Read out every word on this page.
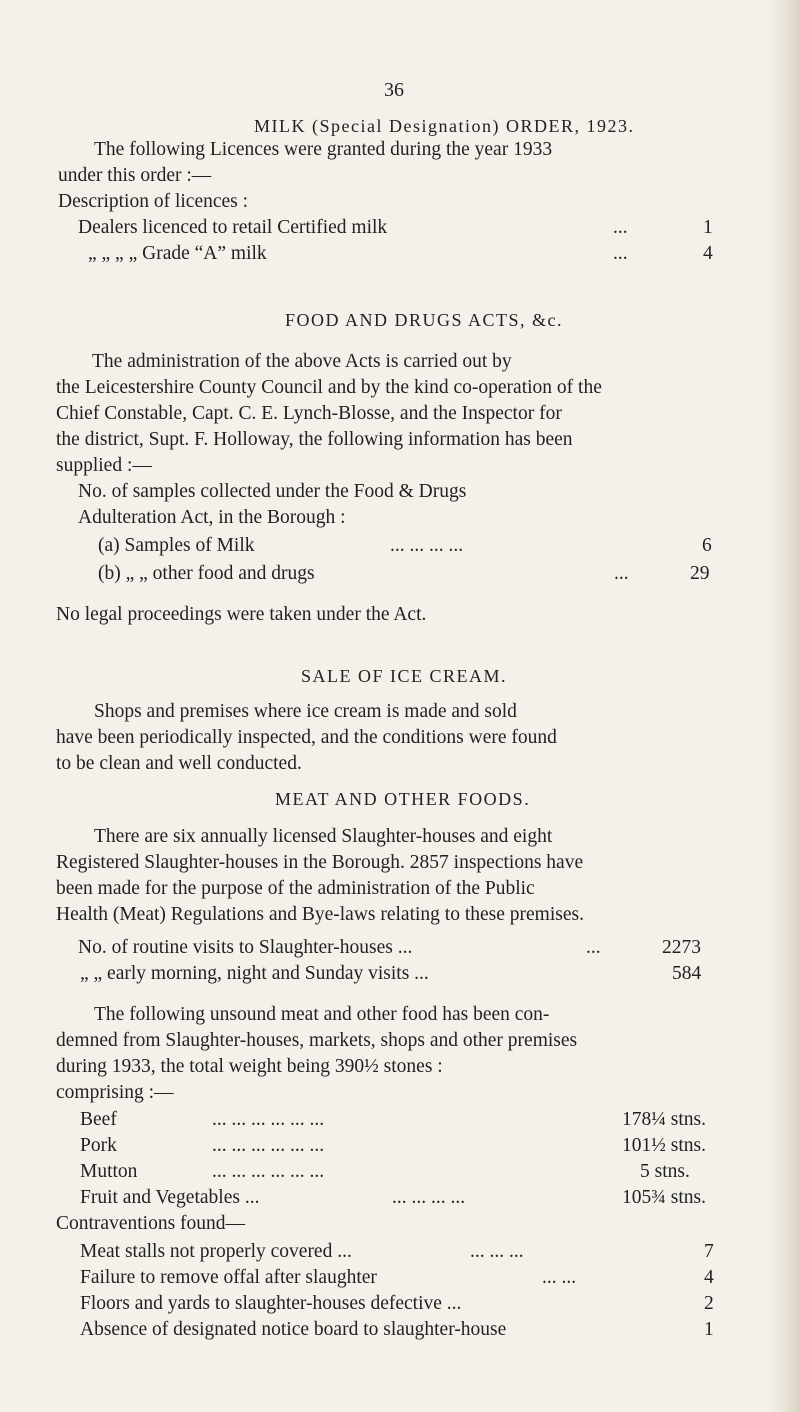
36
MILK (Special Designation) ORDER, 1923.
The following Licences were granted during the year 1933
under this order :—
Description of licences :
Dealers licenced to retail Certified milk	...	1
„ „ „ „ Grade “A” milk	...	4
FOOD AND DRUGS ACTS, &c.
The administration of the above Acts is carried out by
the Leicestershire County Council and by the kind co-operation of the
Chief Constable, Capt. C. E. Lynch-Blosse, and the Inspector for
the district, Supt. F. Holloway, the following information has been
supplied :—
No. of samples collected under the Food & Drugs
Adulteration Act, in the Borough :
(a) Samples of Milk	... ... ... ...	6
(b) „ „ other food and drugs	...	29
No legal proceedings were taken under the Act.
SALE OF ICE CREAM.
Shops and premises where ice cream is made and sold
have been periodically inspected, and the conditions were found
to be clean and well conducted.
MEAT AND OTHER FOODS.
There are six annually licensed Slaughter-houses and eight
Registered Slaughter-houses in the Borough. 2857 inspections have
been made for the purpose of the administration of the Public
Health (Meat) Regulations and Bye-laws relating to these premises.
No. of routine visits to Slaughter-houses ...	...	2273
„ „ early morning, night and Sunday visits ...	584
The following unsound meat and other food has been con-
demned from Slaughter-houses, markets, shops and other premises
during 1933, the total weight being 390½ stones :
comprising :—
Beef	... ... ... ... ... ...	178¼ stns.
Pork	... ... ... ... ... ...	101½ stns.
Mutton	... ... ... ... ... ...	5 stns.
Fruit and Vegetables ...	... ... ... ...	105¾ stns.
Contraventions found—
Meat stalls not properly covered ...	... ... ...	7
Failure to remove offal after slaughter	... ...	4
Floors and yards to slaughter-houses defective ...	2
Absence of designated notice board to slaughter-house	1
